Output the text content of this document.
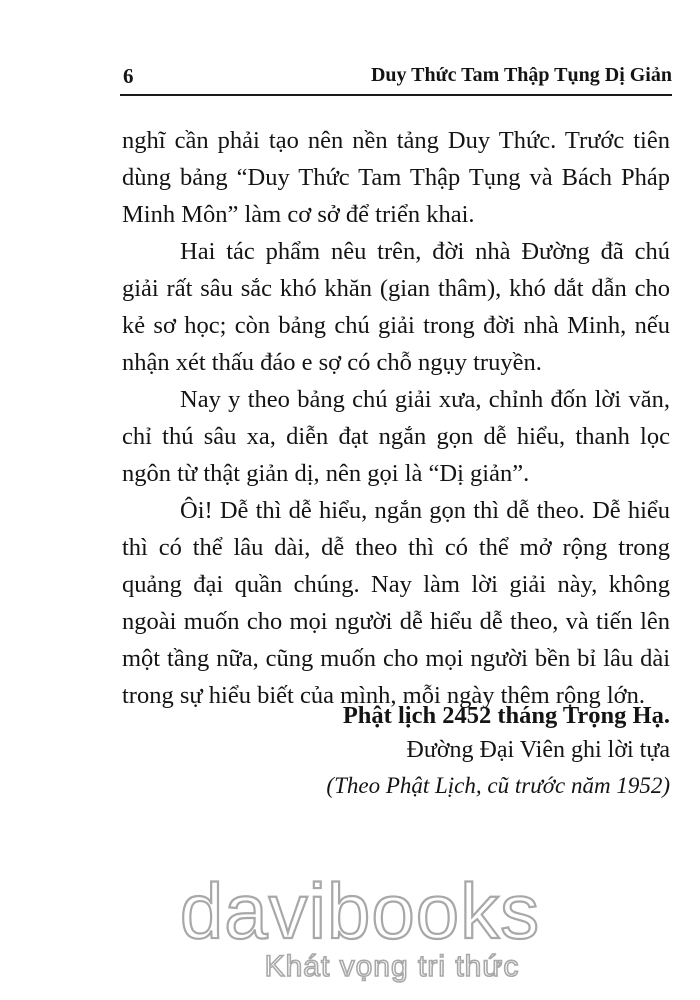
6	Duy Thức Tam Thập Tụng Dị Giản

nghĩ cần phải tạo nên nền tảng Duy Thức. Trước tiên dùng bảng “Duy Thức Tam Thập Tụng và Bách Pháp Minh Môn” làm cơ sở để triển khai.

Hai tác phẩm nêu trên, đời nhà Đường đã chú giải rất sâu sắc khó khăn (gian thâm), khó dắt dẫn cho kẻ sơ học; còn bảng chú giải trong đời nhà Minh, nếu nhận xét thấu đáo e sợ có chỗ ngụy truyền.

Nay y theo bảng chú giải xưa, chỉnh đốn lời văn, chỉ thú sâu xa, diễn đạt ngắn gọn dễ hiểu, thanh lọc ngôn từ thật giản dị, nên gọi là “Dị giản”.

Ôi! Dễ thì dễ hiểu, ngắn gọn thì dễ theo. Dễ hiểu thì có thể lâu dài, dễ theo thì có thể mở rộng trong quảng đại quần chúng. Nay làm lời giải này, không ngoài muốn cho mọi người dễ hiểu dễ theo, và tiến lên một tầng nữa, cũng muốn cho mọi người bền bỉ lâu dài trong sự hiểu biết của mình, mỗi ngày thêm rộng lớn.

Phật lịch 2452 tháng Trọng Hạ.
Đường Đại Viên ghi lời tựa
(Theo Phật Lịch, cũ trước năm 1952)
davibooks
Khát vọng tri thức
